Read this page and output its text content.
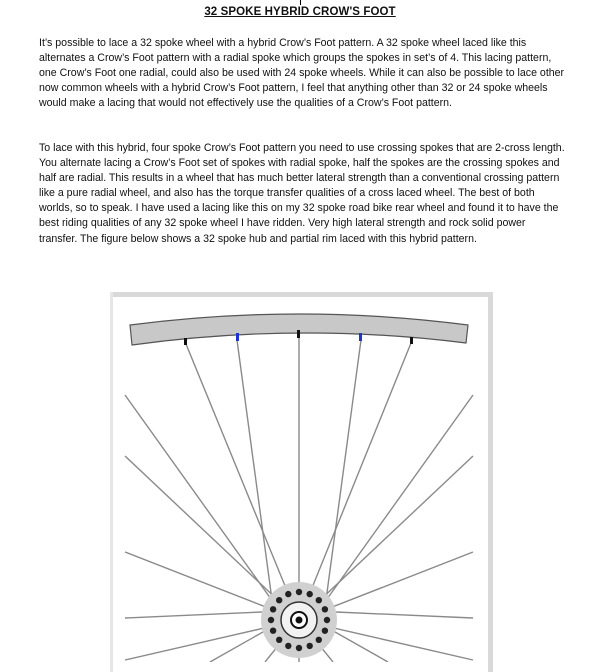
32 SPOKE HYBRID CROW'S FOOT

It’s possible to lace a 32 spoke wheel with a hybrid Crow’s Foot pattern. A 32 spoke wheel laced like this alternates a Crow’s Foot pattern with a radial spoke which groups the spokes in set’s of 4. This lacing pattern, one Crow’s Foot one radial, could also be used with 24 spoke wheels. While it can also be possible to lace other now common wheels with a hybrid Crow’s Foot pattern, I feel that anything other than 32 or 24 spoke wheels would make a lacing that would not effectively use the qualities of a Crow’s Foot pattern.

To lace with this hybrid, four spoke Crow’s Foot pattern you need to use crossing spokes that are 2-cross length. You alternate lacing a Crow’s Foot set of spokes with radial spoke, half the spokes are the crossing spokes and half are radial. This results in a wheel that has much better lateral strength than a conventional crossing pattern like a pure radial wheel, and also has the torque transfer qualities of a cross laced wheel. The best of both worlds, so to speak. I have used a lacing like this on my 32 spoke road bike rear wheel and found it to have the best riding qualities of any 32 spoke wheel I have ridden. Very high lateral strength and rock solid power transfer. The figure below shows a 32 spoke hub and partial rim laced with this hybrid pattern.
